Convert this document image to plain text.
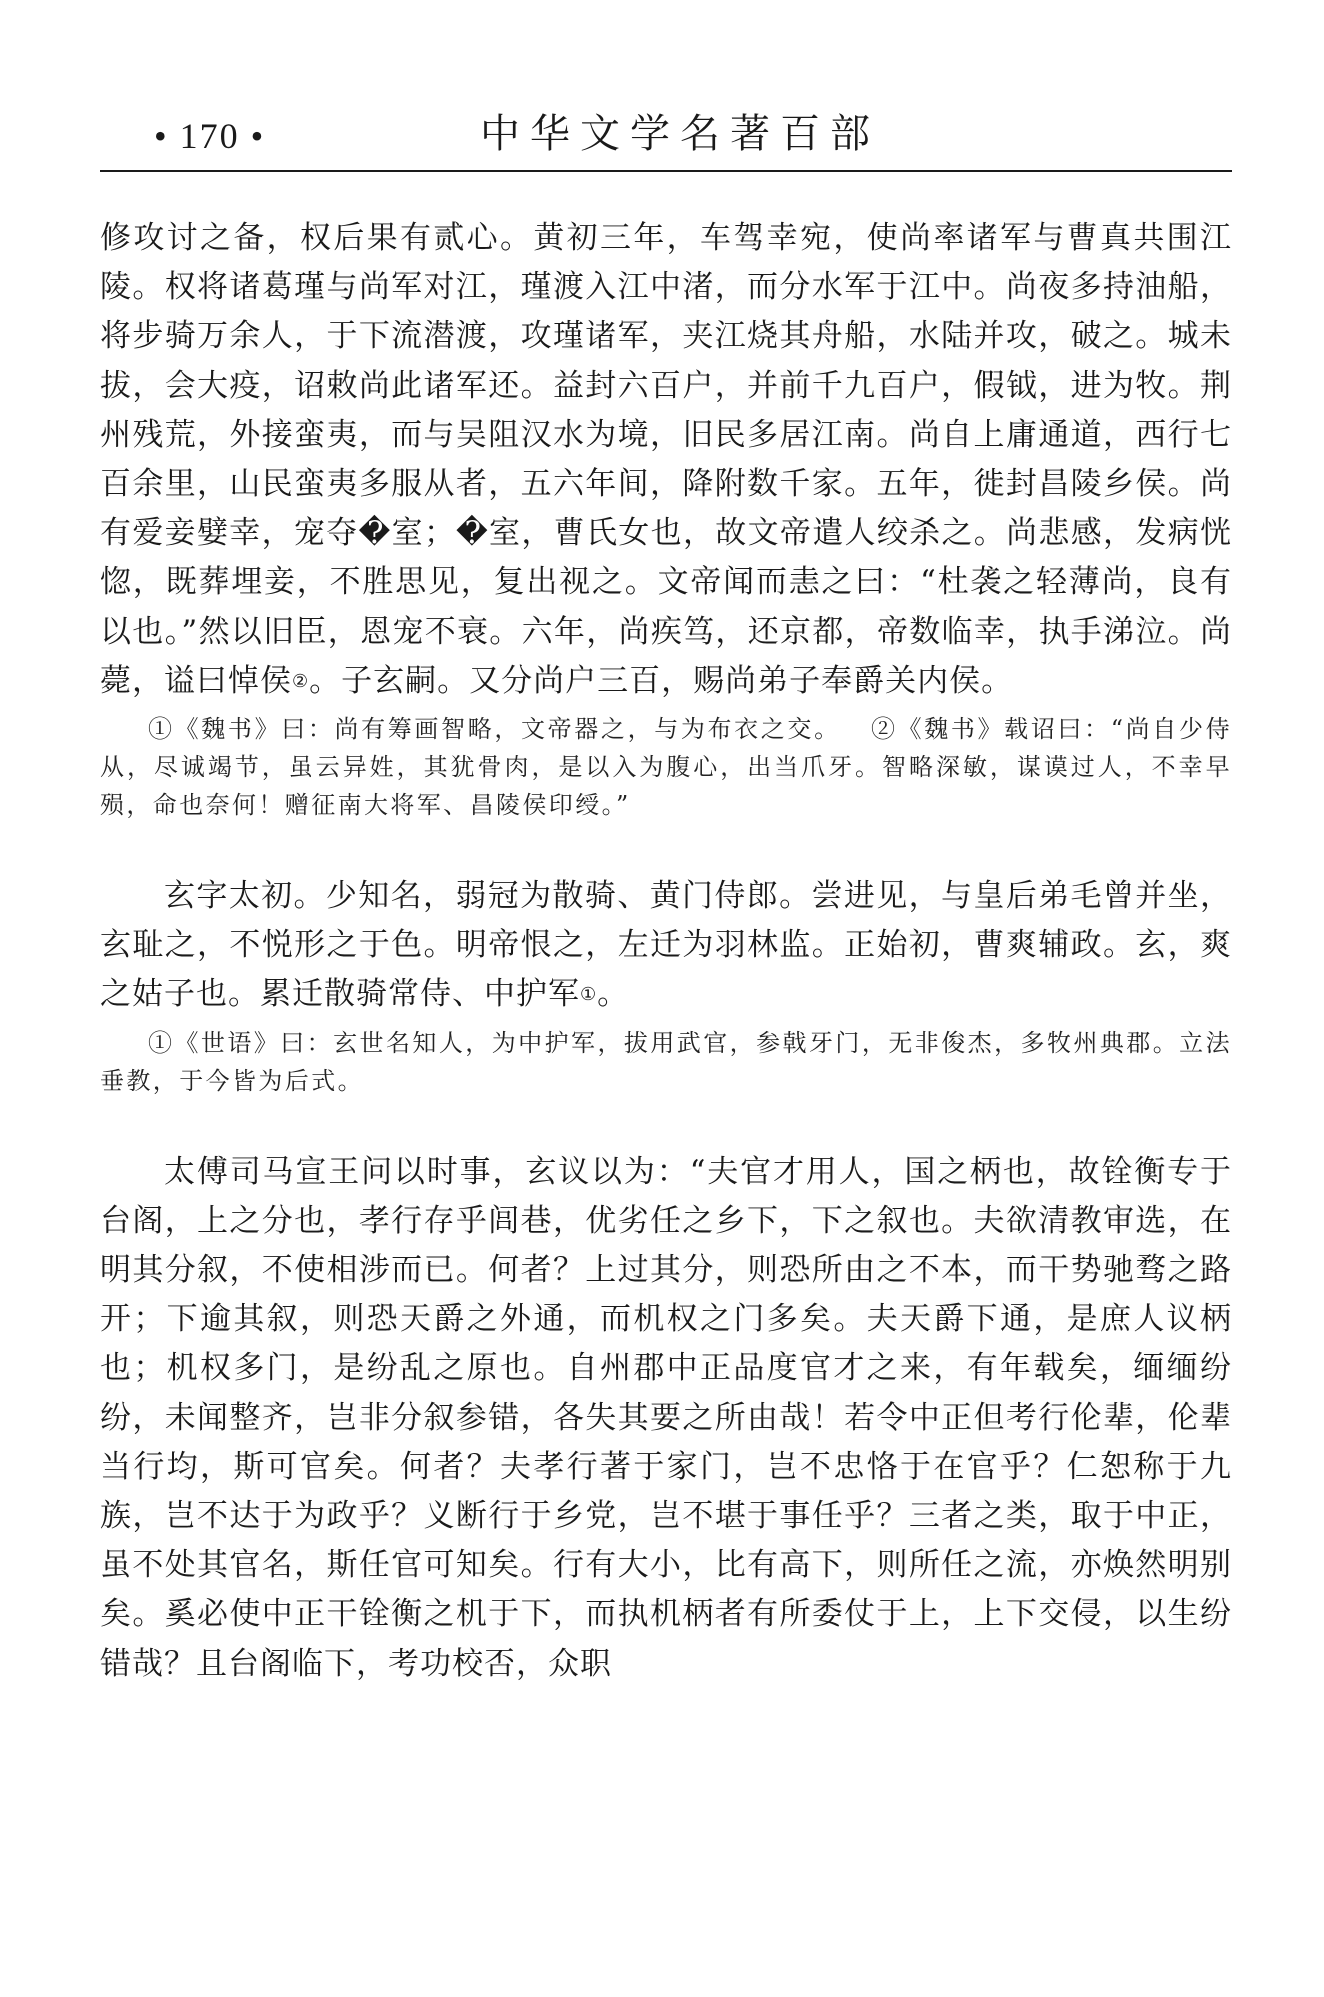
• 170 •	中华文学名著百部

修攻讨之备，权后果有贰心。黄初三年，车驾幸宛，使尚率诸军与曹真共围江陵。权将诸葛瑾与尚军对江，瑾渡入江中渚，而分水军于江中。尚夜多持油船，将步骑万余人，于下流潜渡，攻瑾诸军，夹江烧其舟船，水陆并攻，破之。城未拔，会大疫，诏敕尚此诸军还。益封六百户，并前千九百户，假钺，进为牧。荆州残荒，外接蛮夷，而与吴阻汉水为境，旧民多居江南。尚自上庸通道，西行七百余里，山民蛮夷多服从者，五六年间，降附数千家。五年，徙封昌陵乡侯。尚有爱妾嬖幸，宠夺�室；�室，曹氏女也，故文帝遣人绞杀之。尚悲感，发病恍惚，既葬埋妾，不胜思见，复出视之。文帝闻而恚之曰：“杜袭之轻薄尚，良有以也。”然以旧臣，恩宠不衰。六年，尚疾笃，还京都，帝数临幸，执手涕泣。尚薨，谥曰悼侯②。子玄嗣。又分尚户三百，赐尚弟子奉爵关内侯。

①《魏书》曰：尚有筹画智略，文帝器之，与为布衣之交。 ②《魏书》载诏曰：“尚自少侍从，尽诚竭节，虽云异姓，其犹骨肉，是以入为腹心，出当爪牙。智略深敏，谋谟过人，不幸早殒，命也奈何！赠征南大将军、昌陵侯印绶。”

玄字太初。少知名，弱冠为散骑、黄门侍郎。尝进见，与皇后弟毛曾并坐，玄耻之，不悦形之于色。明帝恨之，左迁为羽林监。正始初，曹爽辅政。玄，爽之姑子也。累迁散骑常侍、中护军①。

①《世语》曰：玄世名知人，为中护军，拔用武官，参戟牙门，无非俊杰，多牧州典郡。立法垂教，于今皆为后式。

太傅司马宣王问以时事，玄议以为：“夫官才用人，国之柄也，故铨衡专于台阁，上之分也，孝行存乎闾巷，优劣任之乡下，下之叙也。夫欲清教审选，在明其分叙，不使相涉而已。何者？上过其分，则恐所由之不本，而干势驰骛之路开；下逾其叙，则恐天爵之外通，而机权之门多矣。夫天爵下通，是庶人议柄也；机权多门，是纷乱之原也。自州郡中正品度官才之来，有年载矣，缅缅纷纷，未闻整齐，岂非分叙参错，各失其要之所由哉！若令中正但考行伦辈，伦辈当行均，斯可官矣。何者？夫孝行著于家门，岂不忠恪于在官乎？仁恕称于九族，岂不达于为政乎？义断行于乡党，岂不堪于事任乎？三者之类，取于中正，虽不处其官名，斯任官可知矣。行有大小，比有高下，则所任之流，亦焕然明别矣。奚必使中正干铨衡之机于下，而执机柄者有所委仗于上，上下交侵，以生纷错哉？且台阁临下，考功校否，众职
